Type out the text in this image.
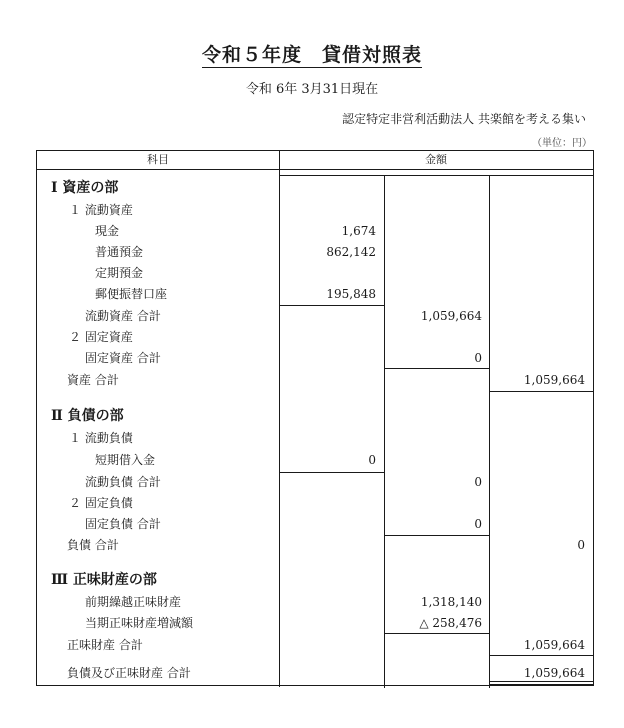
令和５年度　貸借対照表
令和 6年 3月31日現在
認定特定非営利活動法人 共楽館を考える集い
（単位：円）
科目	金額
Ⅰ 資産の部
１ 流動資産
現金	1,674
普通預金	862,142
定期預金
郵便振替口座	195,848
流動資産 合計	1,059,664
２ 固定資産
固定資産 合計	0
資産 合計	1,059,664
Ⅱ 負債の部
１ 流動負債
短期借入金	0
流動負債 合計	0
２ 固定負債
固定負債 合計	0
負債 合計	0
Ⅲ 正味財産の部
前期繰越正味財産	1,318,140
当期正味財産増減額	△ 258,476
正味財産 合計	1,059,664
負債及び正味財産 合計	1,059,664
